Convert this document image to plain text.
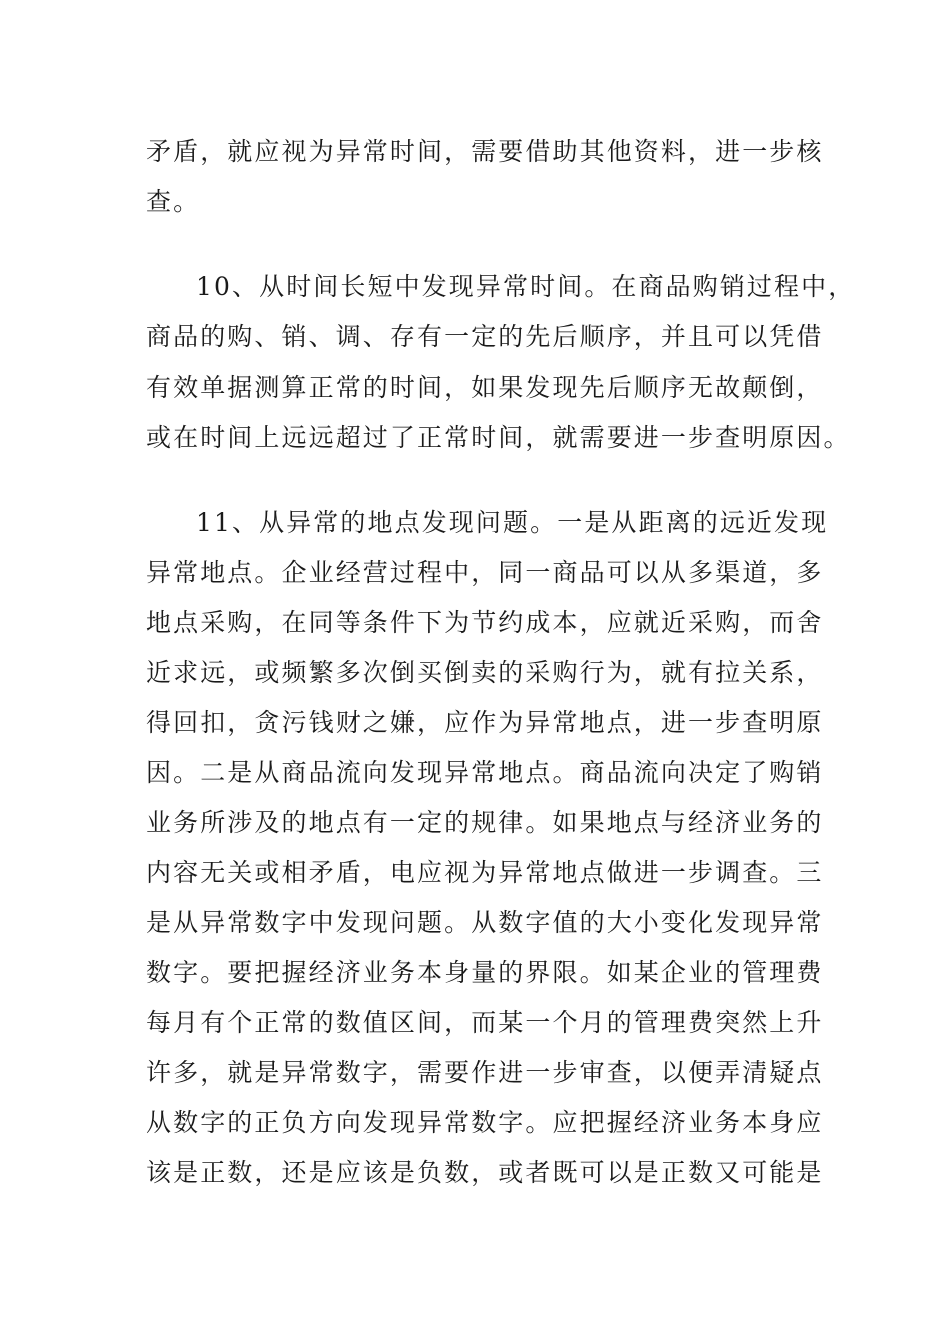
矛盾，就应视为异常时间，需要借助其他资料，进一步核

查。

10、从时间长短中发现异常时间。在商品购销过程中，

商品的购、销、调、存有一定的先后顺序，并且可以凭借

有效单据测算正常的时间，如果发现先后顺序无故颠倒，

或在时间上远远超过了正常时间，就需要进一步查明原因。

11、从异常的地点发现问题。一是从距离的远近发现

异常地点。企业经营过程中，同一商品可以从多渠道，多

地点采购，在同等条件下为节约成本，应就近采购，而舍

近求远，或频繁多次倒买倒卖的采购行为，就有拉关系，

得回扣，贪污钱财之嫌，应作为异常地点，进一步查明原

因。二是从商品流向发现异常地点。商品流向决定了购销

业务所涉及的地点有一定的规律。如果地点与经济业务的

内容无关或相矛盾，电应视为异常地点做进一步调查。三

是从异常数字中发现问题。从数字值的大小变化发现异常

数字。要把握经济业务本身量的界限。如某企业的管理费

每月有个正常的数值区间，而某一个月的管理费突然上升

许多，就是异常数字，需要作进一步审查，以便弄清疑点

从数字的正负方向发现异常数字。应把握经济业务本身应

该是正数，还是应该是负数，或者既可以是正数又可能是
